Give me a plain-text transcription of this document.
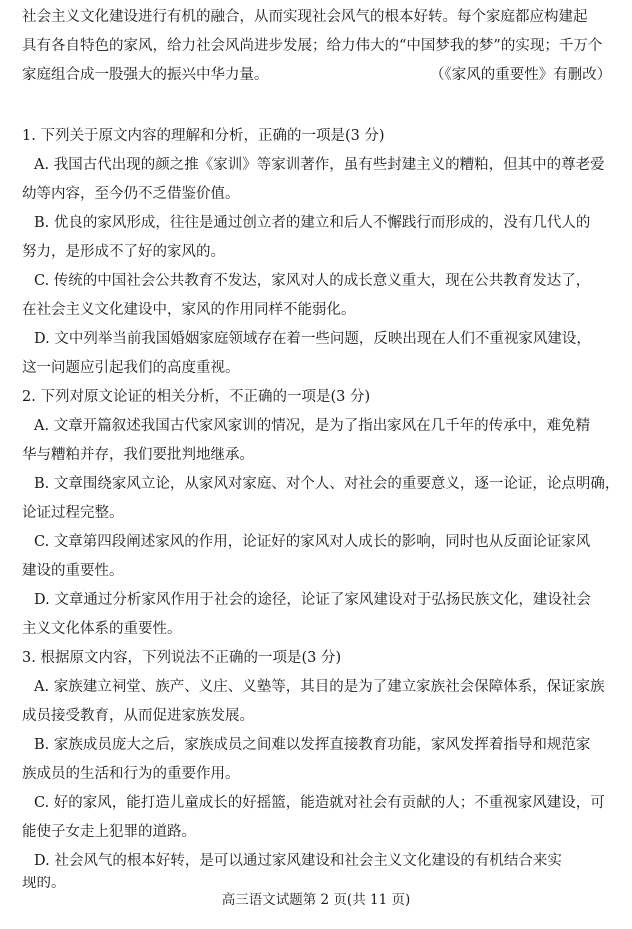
社会主义文化建设进行有机的融合，从而实现社会风气的根本好转。每个家庭都应构建起
具有各自特色的家风，给力社会风尚进步发展；给力伟大的“中国梦我的梦”的实现；千万个
家庭组合成一股强大的振兴中华力量。	（《家风的重要性》有删改）
1. 下列关于原文内容的理解和分析，正确的一项是(3 分)
A. 我国古代出现的颜之推《家训》等家训著作，虽有些封建主义的糟粕，但其中的尊老爱
幼等内容，至今仍不乏借鉴价值。
B. 优良的家风形成，往往是通过创立者的建立和后人不懈践行而形成的，没有几代人的
努力，是形成不了好的家风的。
C. 传统的中国社会公共教育不发达，家风对人的成长意义重大，现在公共教育发达了，
在社会主义文化建设中，家风的作用同样不能弱化。
D. 文中列举当前我国婚姻家庭领域存在着一些问题，反映出现在人们不重视家风建设，
这一问题应引起我们的高度重视。
2. 下列对原文论证的相关分析，不正确的一项是(3 分)
A. 文章开篇叙述我国古代家风家训的情况，是为了指出家风在几千年的传承中，难免精
华与糟粕并存，我们要批判地继承。
B. 文章围绕家风立论，从家风对家庭、对个人、对社会的重要意义，逐一论证，论点明确，
论证过程完整。
C. 文章第四段阐述家风的作用，论证好的家风对人成长的影响，同时也从反面论证家风
建设的重要性。
D. 文章通过分析家风作用于社会的途径，论证了家风建设对于弘扬民族文化，建设社会
主义文化体系的重要性。
3. 根据原文内容，下列说法不正确的一项是(3 分)
A. 家族建立祠堂、族产、义庄、义塾等，其目的是为了建立家族社会保障体系，保证家族
成员接受教育，从而促进家族发展。
B. 家族成员庞大之后，家族成员之间难以发挥直接教育功能，家风发挥着指导和规范家
族成员的生活和行为的重要作用。
C. 好的家风，能打造儿童成长的好摇篮，能造就对社会有贡献的人；不重视家风建设，可
能使子女走上犯罪的道路。
D. 社会风气的根本好转，是可以通过家风建设和社会主义文化建设的有机结合来实
现的。
高三语文试题第 2 页(共 11 页)
